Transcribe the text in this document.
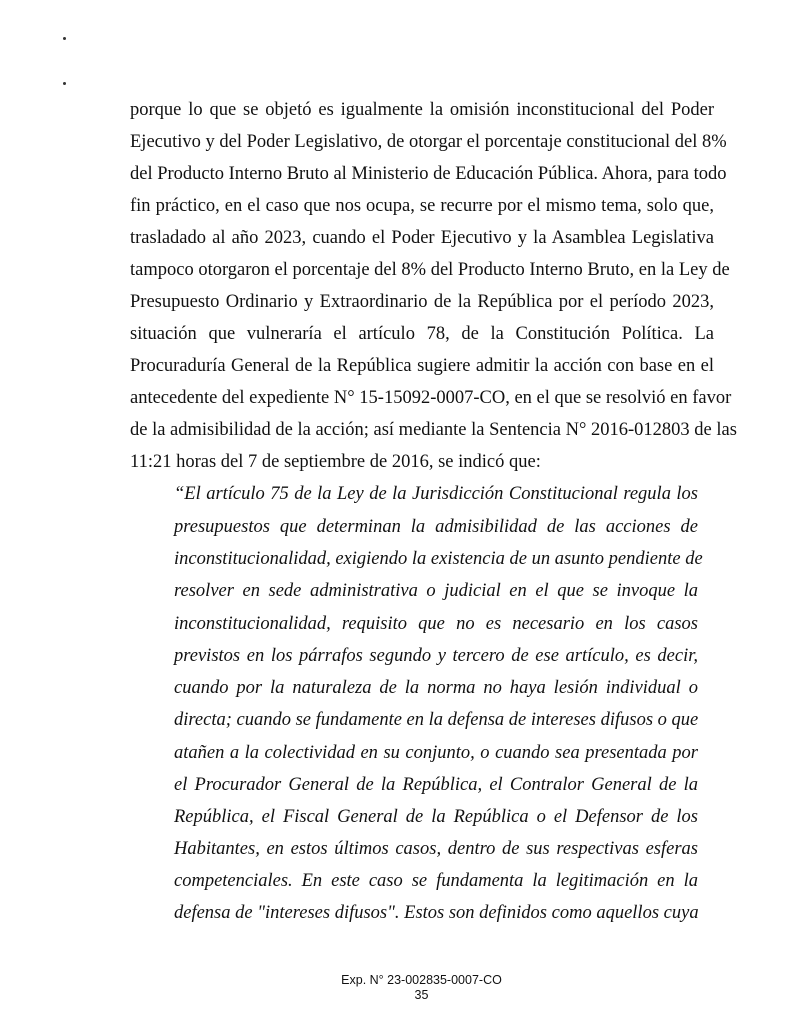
porque lo que se objetó es igualmente la omisión inconstitucional del Poder
Ejecutivo y del Poder Legislativo, de otorgar el porcentaje constitucional del 8%
del Producto Interno Bruto al Ministerio de Educación Pública. Ahora, para todo
fin práctico, en el caso que nos ocupa, se recurre por el mismo tema, solo que,
trasladado al año 2023, cuando el Poder Ejecutivo y la Asamblea Legislativa
tampoco otorgaron el porcentaje del 8% del Producto Interno Bruto, en la Ley de
Presupuesto Ordinario y Extraordinario de la República por el período 2023,
situación que vulneraría el artículo 78, de la Constitución Política. La
Procuraduría General de la República sugiere admitir la acción con base en el
antecedente del expediente N° 15-15092-0007-CO, en el que se resolvió en favor
de la admisibilidad de la acción; así mediante la Sentencia N° 2016-012803 de las
11:21 horas del 7 de septiembre de 2016, se indicó que:
“El artículo 75 de la Ley de la Jurisdicción Constitucional regula los
presupuestos que determinan la admisibilidad de las acciones de
inconstitucionalidad, exigiendo la existencia de un asunto pendiente de
resolver en sede administrativa o judicial en el que se invoque la
inconstitucionalidad, requisito que no es necesario en los casos
previstos en los párrafos segundo y tercero de ese artículo, es decir,
cuando por la naturaleza de la norma no haya lesión individual o
directa; cuando se fundamente en la defensa de intereses difusos o que
atañen a la colectividad en su conjunto, o cuando sea presentada por
el Procurador General de la República, el Contralor General de la
República, el Fiscal General de la República o el Defensor de los
Habitantes, en estos últimos casos, dentro de sus respectivas esferas
competenciales. En este caso se fundamenta la legitimación en la
defensa de "intereses difusos". Estos son definidos como aquellos cuya
Exp. N° 23-002835-0007-CO
35
